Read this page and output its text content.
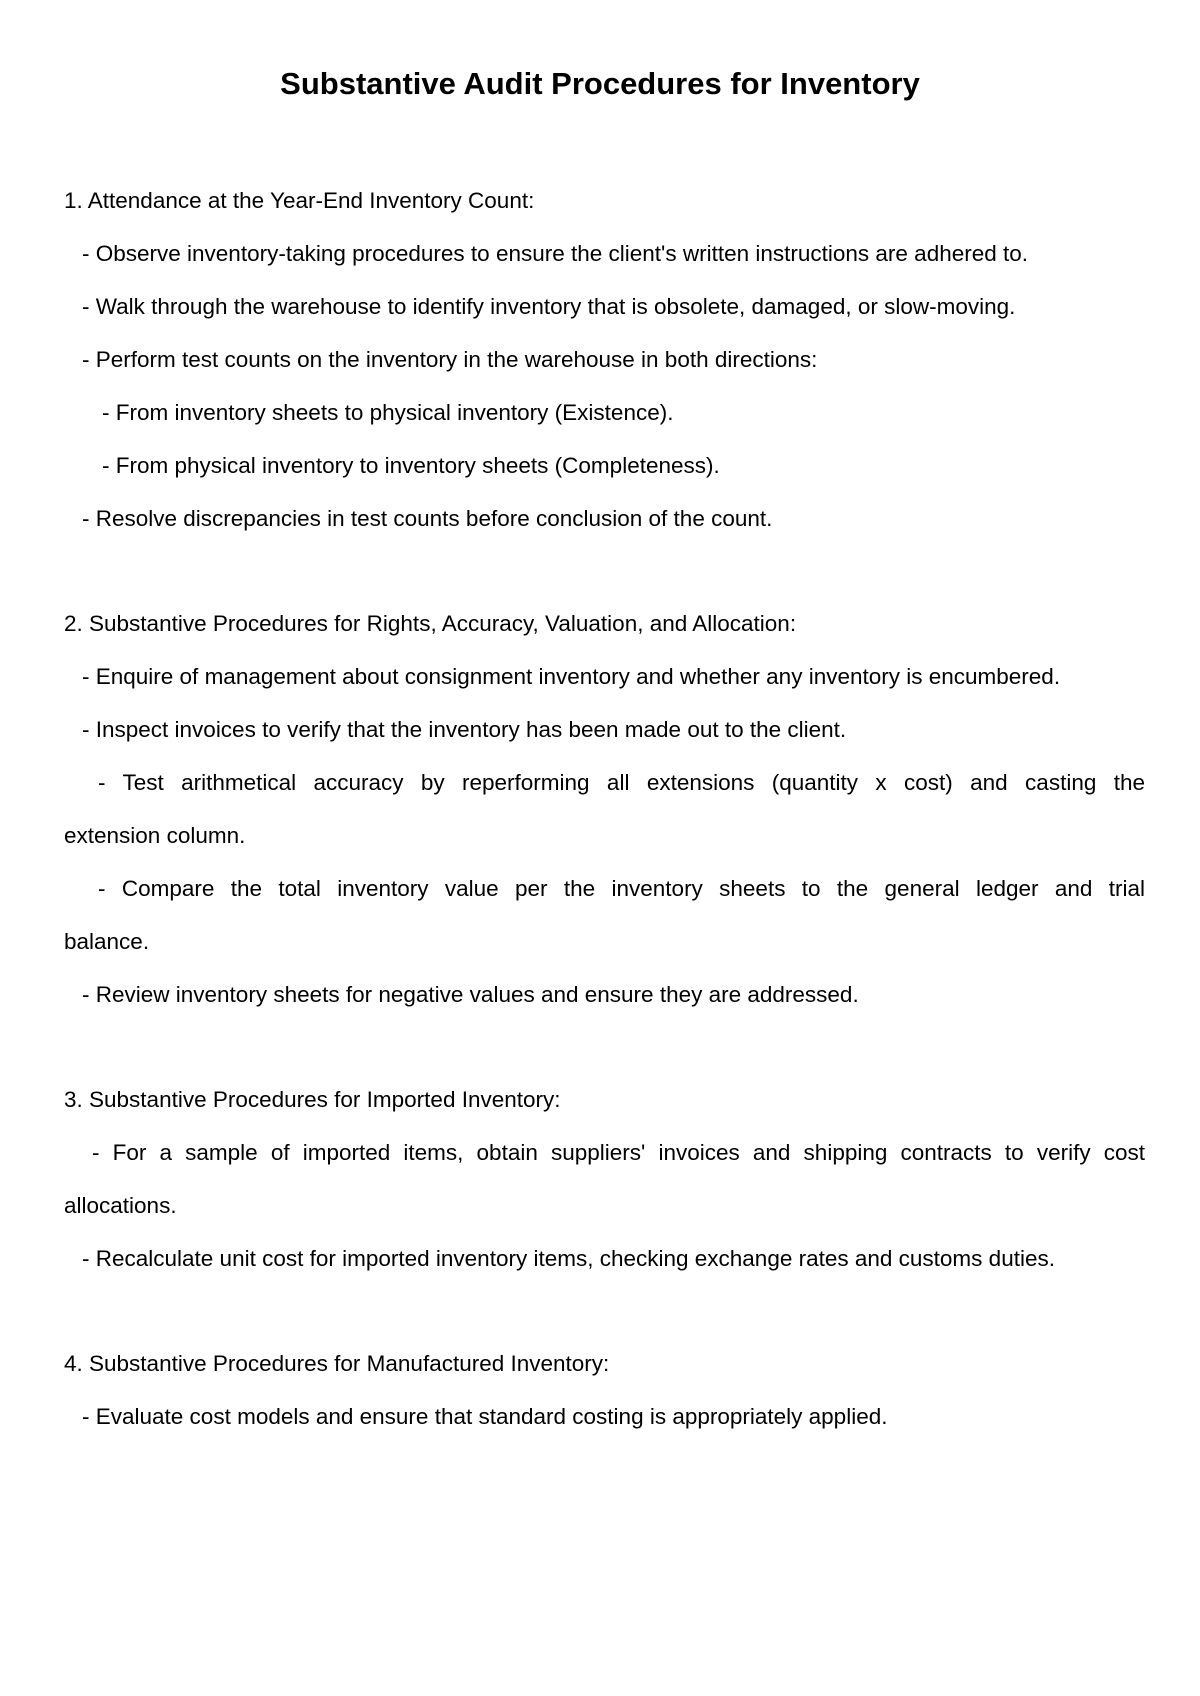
Substantive Audit Procedures for Inventory

1. Attendance at the Year-End Inventory Count:

- Observe inventory-taking procedures to ensure the client's written instructions are adhered to.

- Walk through the warehouse to identify inventory that is obsolete, damaged, or slow-moving.

- Perform test counts on the inventory in the warehouse in both directions:

- From inventory sheets to physical inventory (Existence).

- From physical inventory to inventory sheets (Completeness).

- Resolve discrepancies in test counts before conclusion of the count.

2. Substantive Procedures for Rights, Accuracy, Valuation, and Allocation:

- Enquire of management about consignment inventory and whether any inventory is encumbered.

- Inspect invoices to verify that the inventory has been made out to the client.

- Test arithmetical accuracy by reperforming all extensions (quantity x cost) and casting the

extension column.

- Compare the total inventory value per the inventory sheets to the general ledger and trial

balance.

- Review inventory sheets for negative values and ensure they are addressed.

3. Substantive Procedures for Imported Inventory:

- For a sample of imported items, obtain suppliers' invoices and shipping contracts to verify cost

allocations.

- Recalculate unit cost for imported inventory items, checking exchange rates and customs duties.

4. Substantive Procedures for Manufactured Inventory:

- Evaluate cost models and ensure that standard costing is appropriately applied.
